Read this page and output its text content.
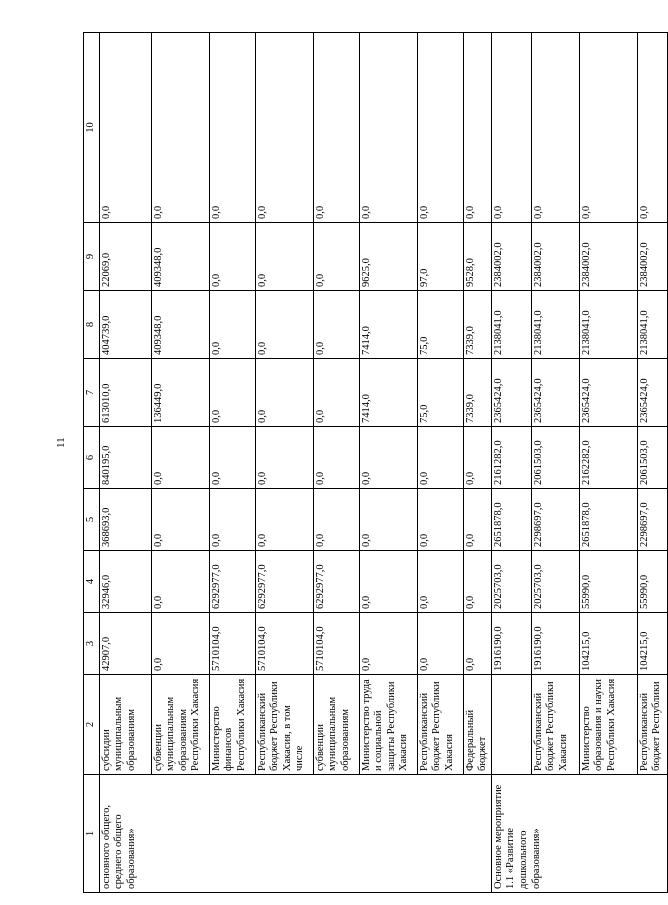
11
1	2	3	4	5	6	7	8	9	10
основного общего, среднего общего образования»	субсидии муниципальным образованиям	42907,0	32946,0	368693,0	840195,0	613010,0	404739,0	22069,0	0,0
	субвенции муниципальным образованиям Республики Хакасия	0,0	0,0	0,0	0,0	136449,0	409348,0	409348,0	0,0
	Министерство финансов Республики Хакасия	5710104,0	6292977,0	0,0	0,0	0,0	0,0	0,0	0,0
	Республиканский бюджет Республики Хакасия, в том числе	5710104,0	6292977,0	0,0	0,0	0,0	0,0	0,0	0,0
	субвенции муниципальным образованиям	5710104,0	6292977,0	0,0	0,0	0,0	0,0	0,0	0,0
	Министерство труда и социальной защиты Республики Хакасия	0,0	0,0	0,0	0,0	7414,0	7414,0	9625,0	0,0
	Республиканский бюджет Республики Хакасия	0,0	0,0	0,0	0,0	75,0	75,0	97,0	0,0
	Федеральный бюджет	0,0	0,0	0,0	0,0	7339,0	7339,0	9528,0	0,0
Основное мероприятие 1.1 «Развитие дошкольного образования»		1916190,0	2025703,0	2651878,0	2161282,0	2365424,0	2138041,0	2384002,0	0,0
	Республиканский бюджет Республики Хакасия	1916190,0	2025703,0	2298697,0	2061503,0	2365424,0	2138041,0	2384002,0	0,0
	Министерство образования и науки Республики Хакасия	104215,0	55990,0	2651878,0	2162282,0	2365424,0	2138041,0	2384002,0	0,0
	Республиканский бюджет Республики	104215,0	55990,0	2298697,0	2061503,0	2365424,0	2138041,0	2384002,0	0,0
